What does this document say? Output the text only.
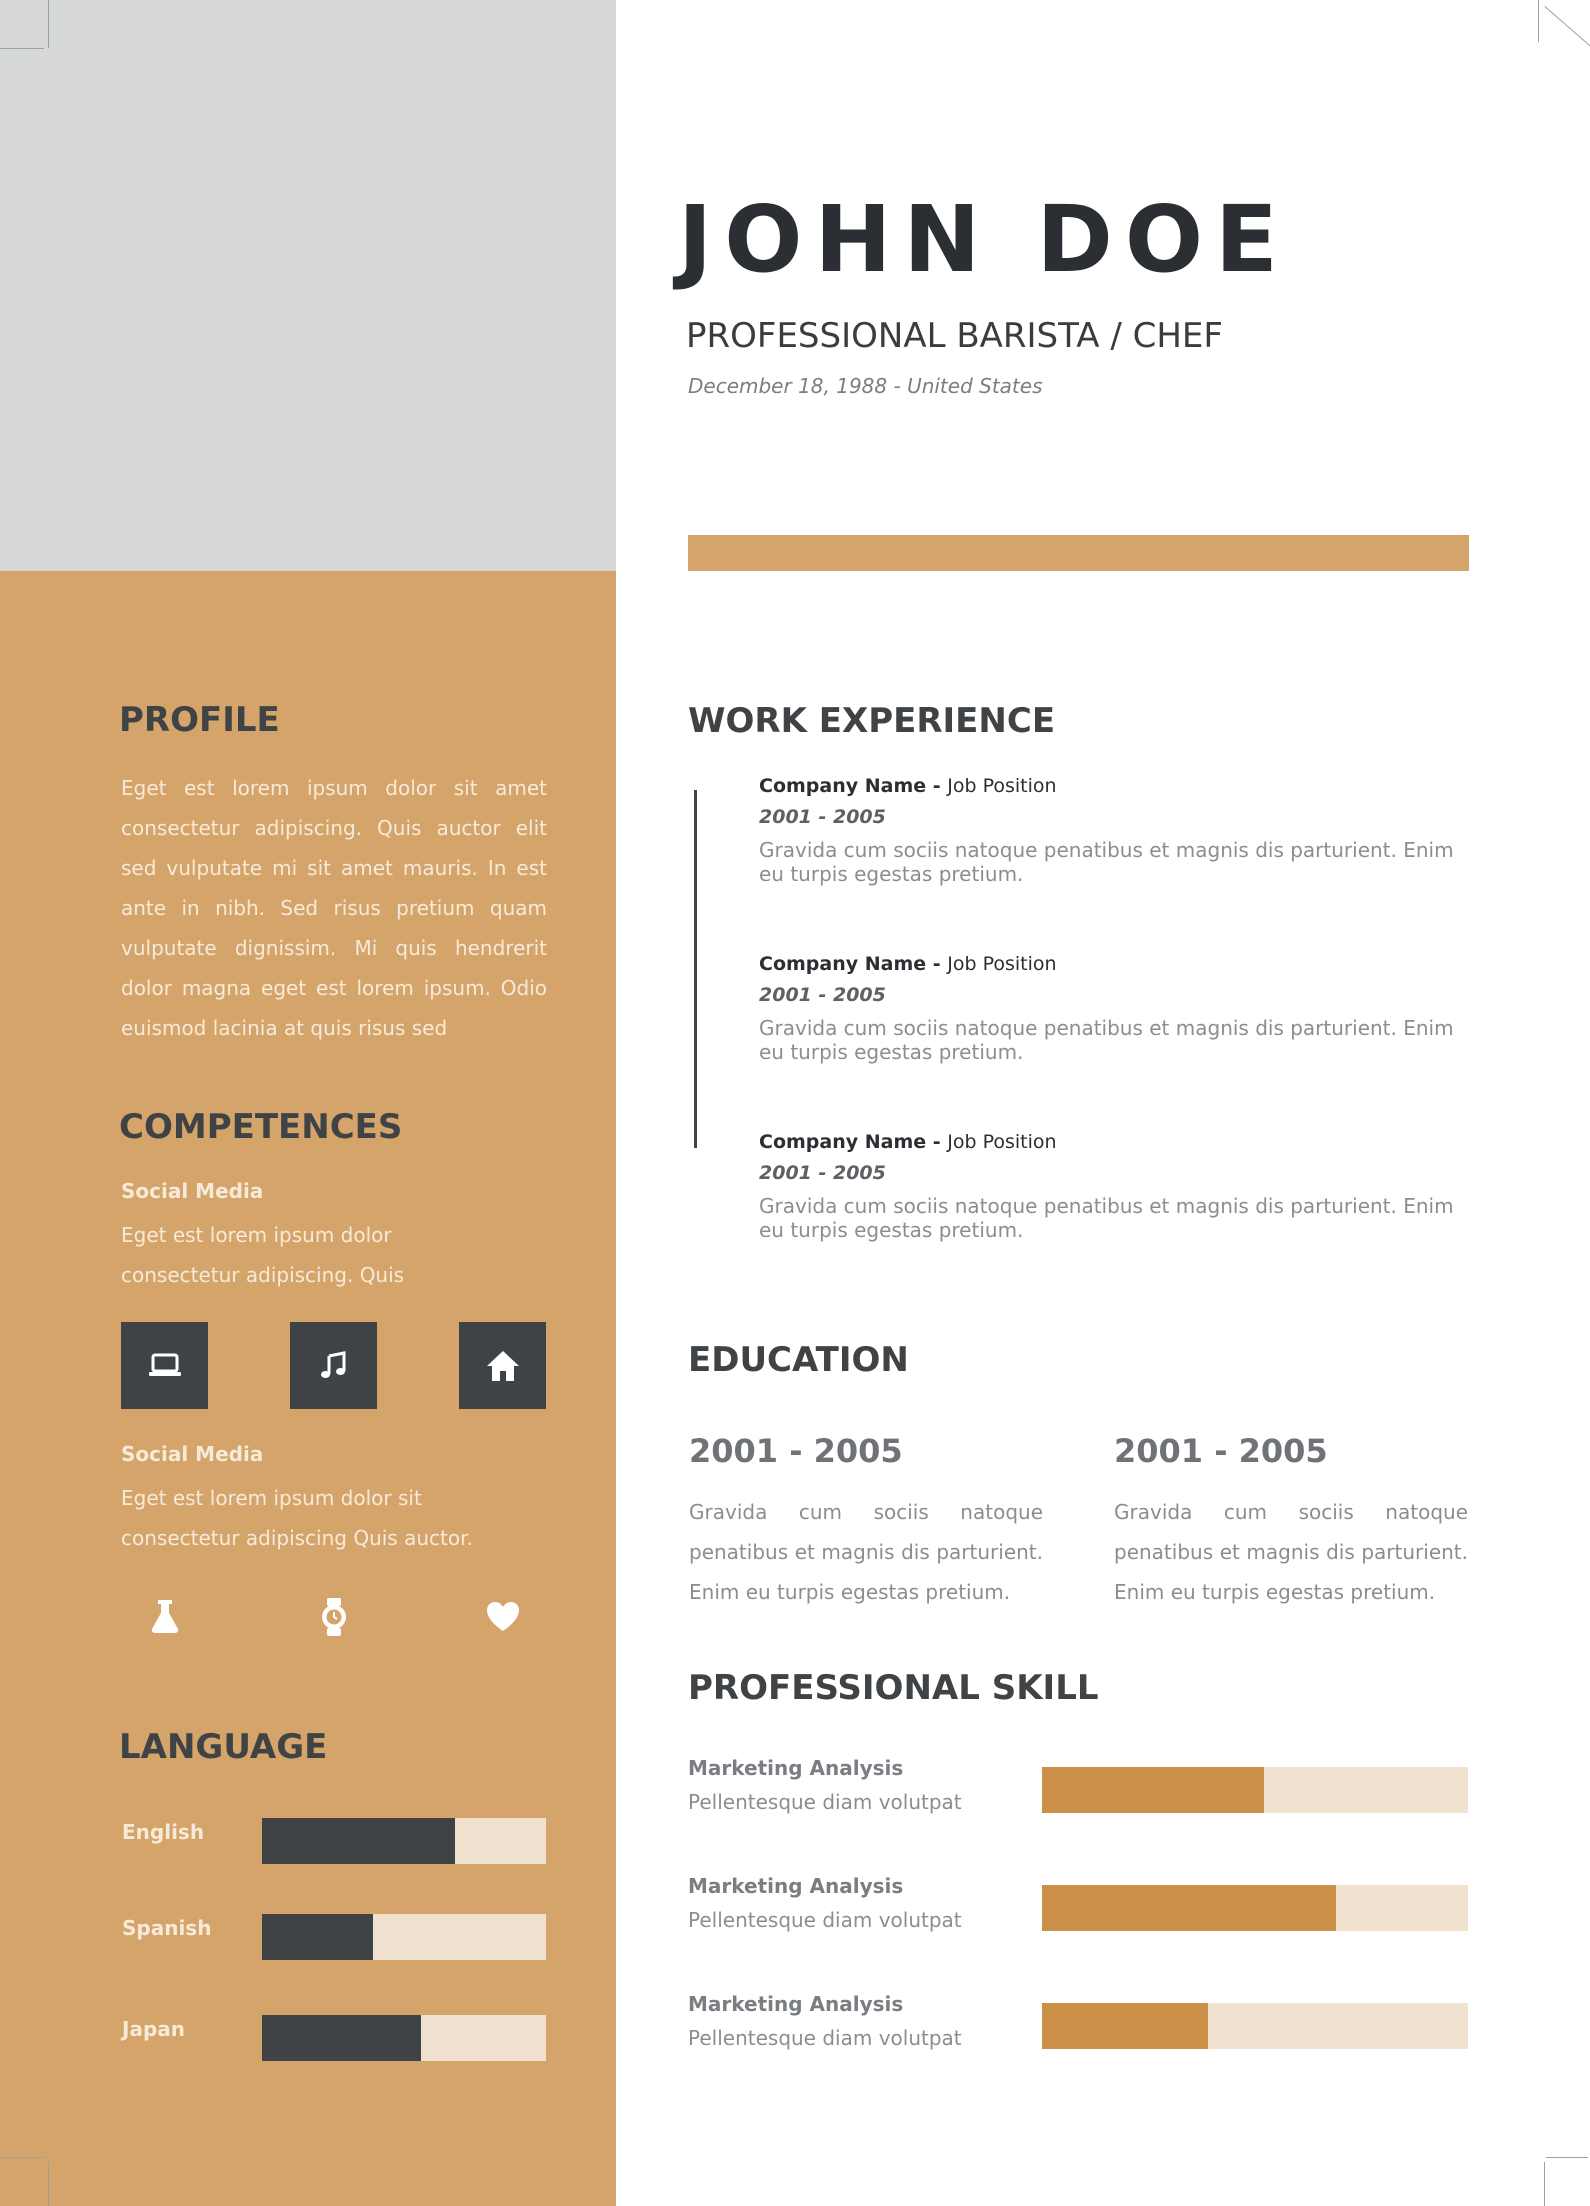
JOHN DOE
PROFESSIONAL BARISTA / CHEF
December 18, 1988 - United States
PROFILE
Eget est lorem ipsum dolor sit amet consectetur adipiscing. Quis auctor elit sed vulputate mi sit amet mauris. In est ante in nibh. Sed risus pretium quam vulputate dignissim. Mi quis hendrerit dolor magna eget est lorem ipsum. Odio euismod lacinia at quis risus sed
COMPETENCES
Social Media
Eget est lorem ipsum dolor
consectetur adipiscing. Quis
Social Media
Eget est lorem ipsum dolor sit
consectetur adipiscing Quis auctor.
LANGUAGE
English
Spanish
Japan
WORK EXPERIENCE
Company Name - Job Position
2001 - 2005
Gravida cum sociis natoque penatibus et magnis dis parturient. Enim eu turpis egestas pretium.
Company Name - Job Position
2001 - 2005
Gravida cum sociis natoque penatibus et magnis dis parturient. Enim eu turpis egestas pretium.
Company Name - Job Position
2001 - 2005
Gravida cum sociis natoque penatibus et magnis dis parturient. Enim eu turpis egestas pretium.
EDUCATION
2001 - 2005
Gravida cum sociis natoque penatibus et magnis dis parturient. Enim eu turpis egestas pretium.
2001 - 2005
Gravida cum sociis natoque penatibus et magnis dis parturient. Enim eu turpis egestas pretium.
PROFESSIONAL SKILL
Marketing Analysis
Pellentesque diam volutpat
Marketing Analysis
Pellentesque diam volutpat
Marketing Analysis
Pellentesque diam volutpat
